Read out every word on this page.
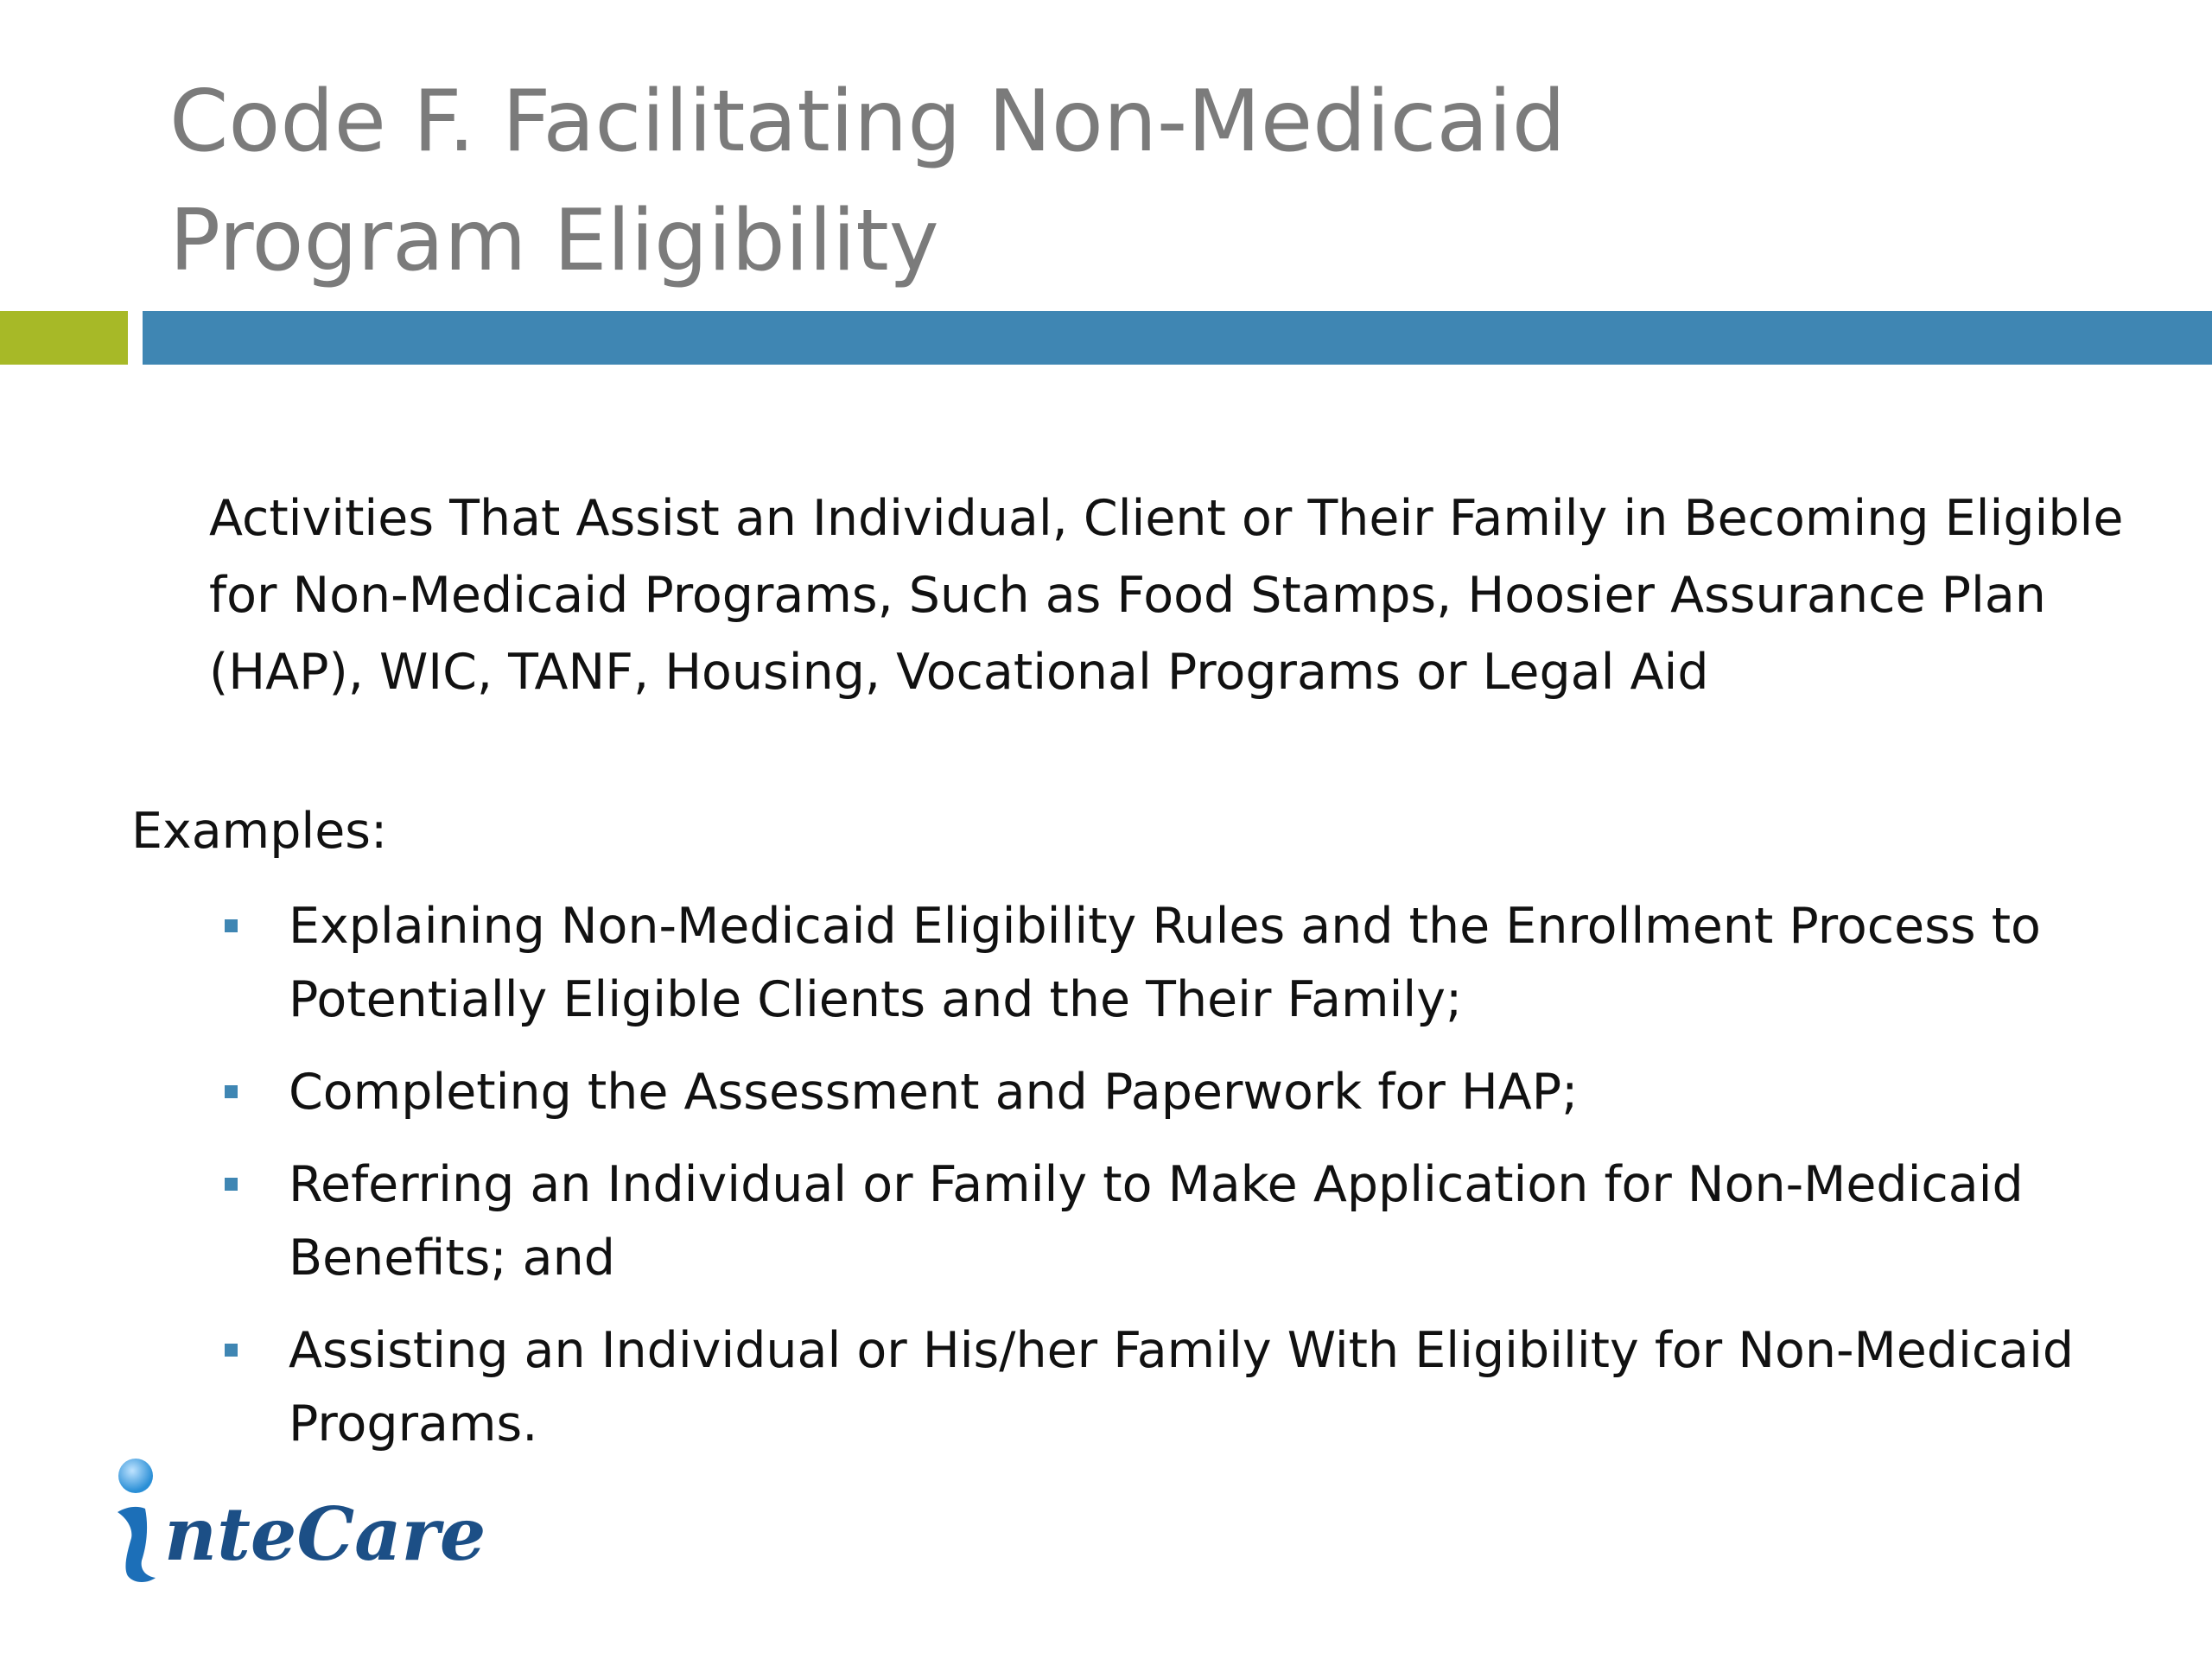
Code F. Facilitating Non-Medicaid
Program Eligibility

Activities That Assist an Individual, Client or Their Family in Becoming Eligible for Non-Medicaid Programs, Such as Food Stamps, Hoosier Assurance Plan (HAP), WIC, TANF, Housing, Vocational Programs or Legal Aid

Examples:

Explaining Non-Medicaid Eligibility Rules and the Enrollment Process to Potentially Eligible Clients and the Their Family;
Completing the Assessment and Paperwork for HAP;
Referring an Individual or Family to Make Application for Non-Medicaid Benefits; and
Assisting an Individual or His/her Family With Eligibility for Non-Medicaid Programs.
nteCare
